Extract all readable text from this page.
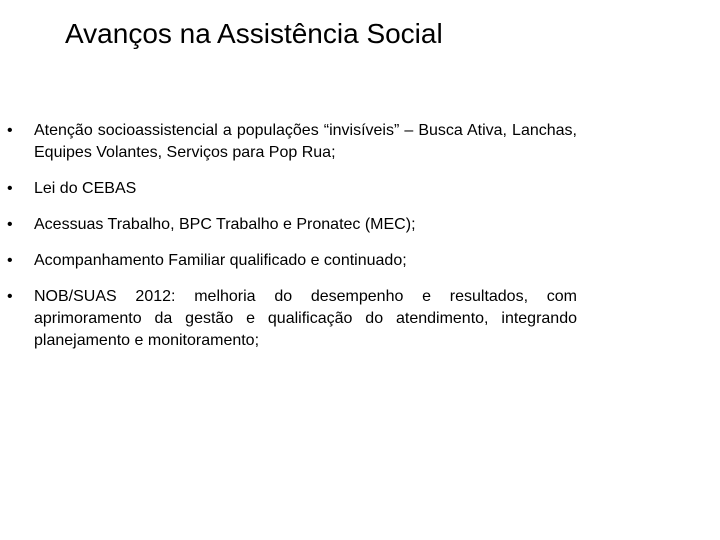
Avanços na Assistência Social
• Atenção socioassistencial a populações “invisíveis” – Busca Ativa, Lanchas, Equipes Volantes, Serviços para Pop Rua;
• Lei do CEBAS
• Acessuas Trabalho, BPC Trabalho e Pronatec (MEC);
• Acompanhamento Familiar qualificado e continuado;
• NOB/SUAS 2012: melhoria do desempenho e resultados, com aprimoramento da gestão e qualificação do atendimento, integrando planejamento e monitoramento;
